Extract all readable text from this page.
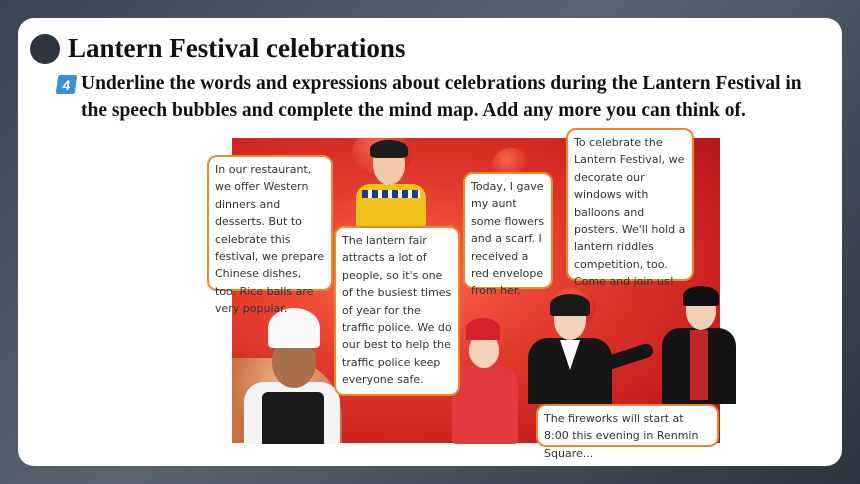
Lantern Festival celebrations
4 Underline the words and expressions about celebrations during the Lantern Festival in the speech bubbles and complete the mind map. Add any more you can think of.
In our restaurant, we offer Western dinners and desserts. But to celebrate this festival, we prepare Chinese dishes, too. Rice balls are very popular.
The lantern fair attracts a lot of people, so it's one of the busiest times of year for the traffic police. We do our best to help the traffic police keep everyone safe.
Today, I gave my aunt some flowers and a scarf. I received a red envelope from her.
To celebrate the Lantern Festival, we decorate our windows with balloons and posters. We'll hold a lantern riddles competition, too. Come and join us!
The fireworks will start at 8:00 this evening in Renmin Square...
